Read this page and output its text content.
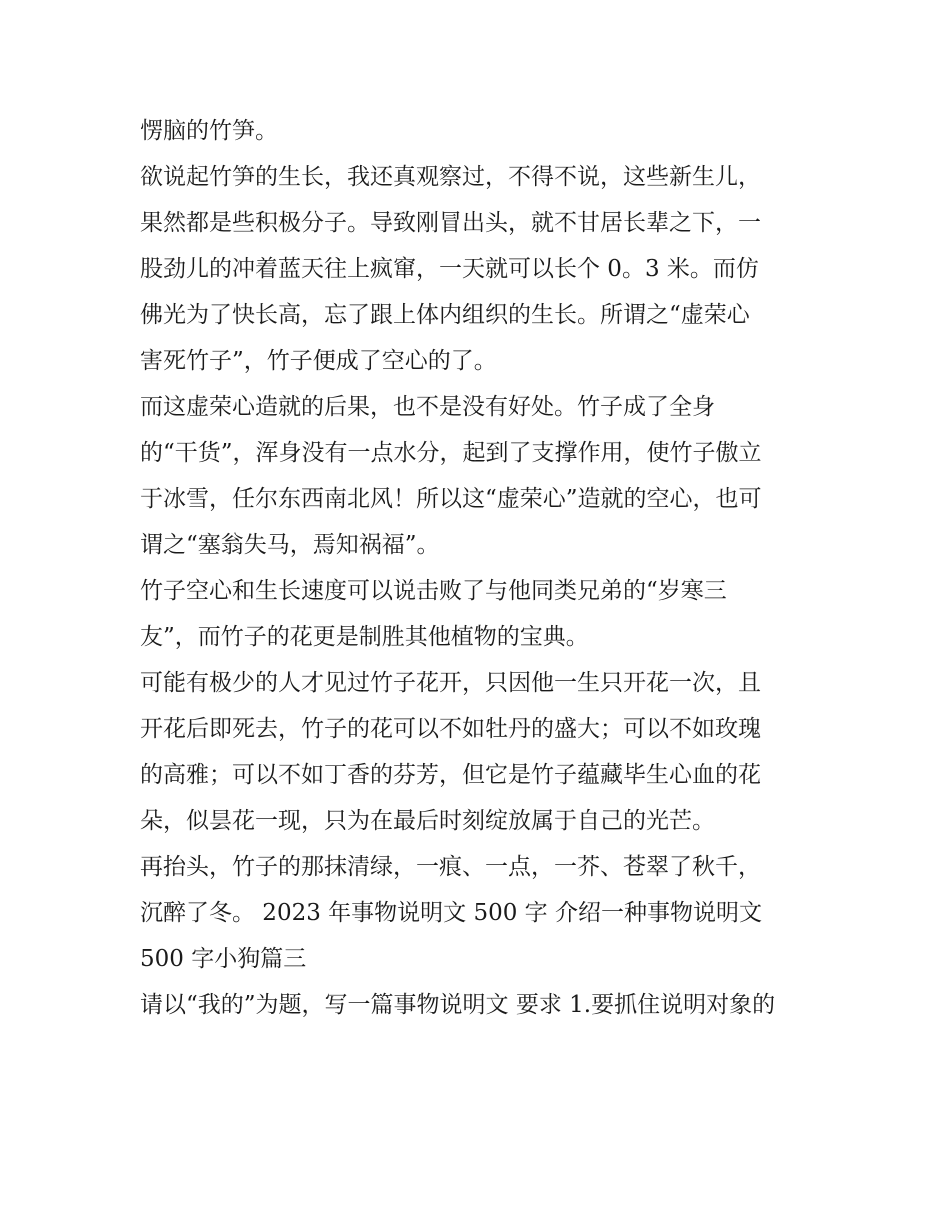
愣脑的竹笋。
欲说起竹笋的生长，我还真观察过，不得不说，这些新生儿，
果然都是些积极分子。导致刚冒出头，就不甘居长辈之下，一
股劲儿的冲着蓝天往上疯窜，一天就可以长个 0。3 米。而仿
佛光为了快长高，忘了跟上体内组织的生长。所谓之“虚荣心
害死竹子”，竹子便成了空心的了。
而这虚荣心造就的后果，也不是没有好处。竹子成了全身
的“干货”，浑身没有一点水分，起到了支撑作用，使竹子傲立
于冰雪，任尔东西南北风！所以这“虚荣心”造就的空心，也可
谓之“塞翁失马，焉知祸福”。
竹子空心和生长速度可以说击败了与他同类兄弟的“岁寒三
友”，而竹子的花更是制胜其他植物的宝典。
可能有极少的人才见过竹子花开，只因他一生只开花一次，且
开花后即死去，竹子的花可以不如牡丹的盛大；可以不如玫瑰
的高雅；可以不如丁香的芬芳，但它是竹子蕴藏毕生心血的花
朵，似昙花一现，只为在最后时刻绽放属于自己的光芒。
再抬头，竹子的那抹清绿，一痕、一点，一芥、苍翠了秋千，
沉醉了冬。 2023 年事物说明文 500 字 介绍一种事物说明文
500 字小狗篇三
请以“我的”为题，写一篇事物说明文 要求 1.要抓住说明对象的
